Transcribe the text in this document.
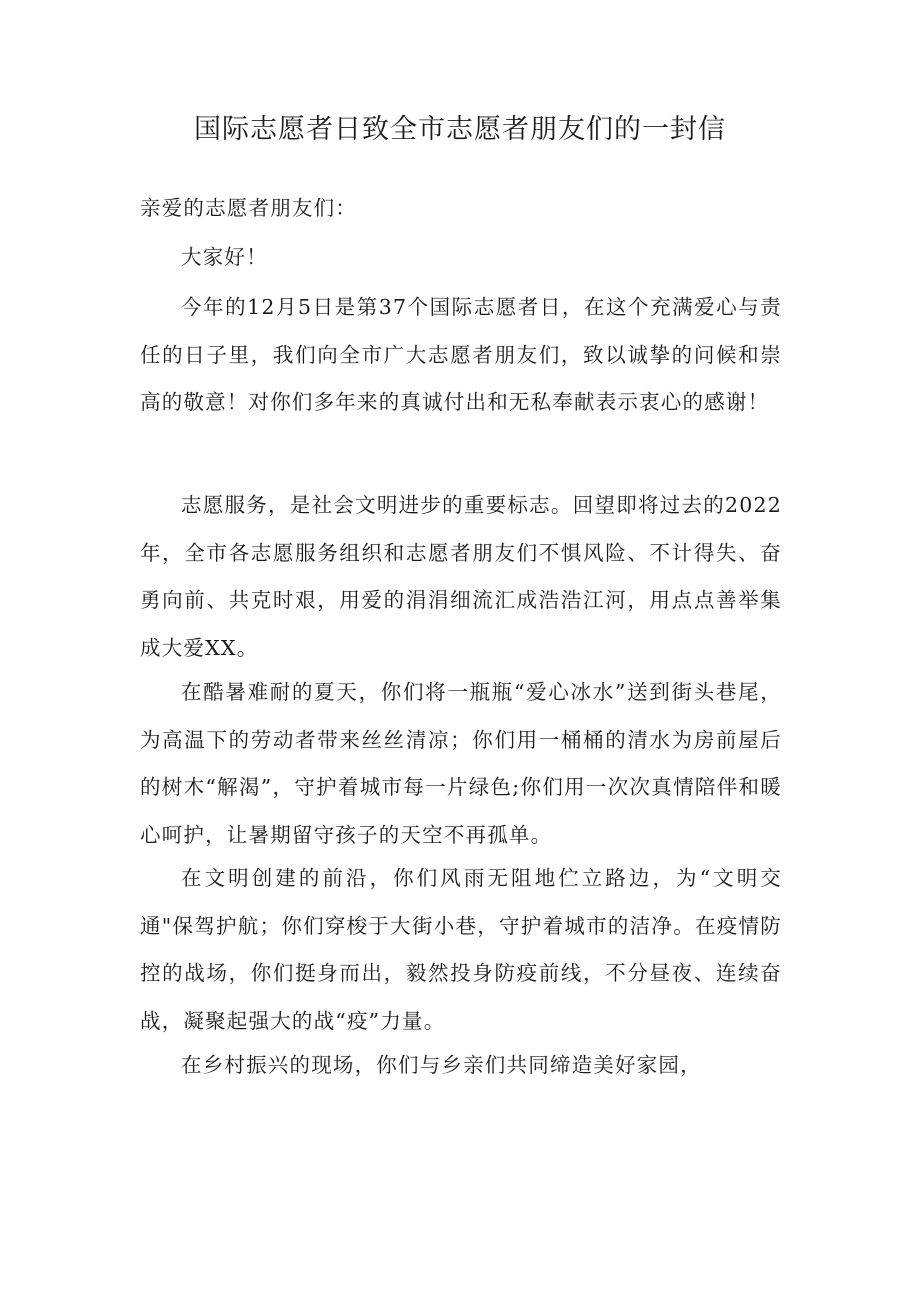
国际志愿者日致全市志愿者朋友们的一封信

亲爱的志愿者朋友们：

大家好！

今年的12月5日是第37个国际志愿者日，在这个充满爱心与责任的日子里，我们向全市广大志愿者朋友们，致以诚挚的问候和崇高的敬意！对你们多年来的真诚付出和无私奉献表示衷心的感谢！

志愿服务，是社会文明进步的重要标志。回望即将过去的2022年，全市各志愿服务组织和志愿者朋友们不惧风险、不计得失、奋勇向前、共克时艰，用爱的涓涓细流汇成浩浩江河，用点点善举集成大爱XX。

在酷暑难耐的夏天，你们将一瓶瓶“爱心冰水”送到街头巷尾，为高温下的劳动者带来丝丝清凉；你们用一桶桶的清水为房前屋后的树木“解渴”，守护着城市每一片绿色;你们用一次次真情陪伴和暖心呵护，让暑期留守孩子的天空不再孤单。

在文明创建的前沿，你们风雨无阻地伫立路边，为“文明交通"保驾护航；你们穿梭于大街小巷，守护着城市的洁净。在疫情防控的战场，你们挺身而出，毅然投身防疫前线，不分昼夜、连续奋战，凝聚起强大的战“疫”力量。

在乡村振兴的现场，你们与乡亲们共同缔造美好家园，
